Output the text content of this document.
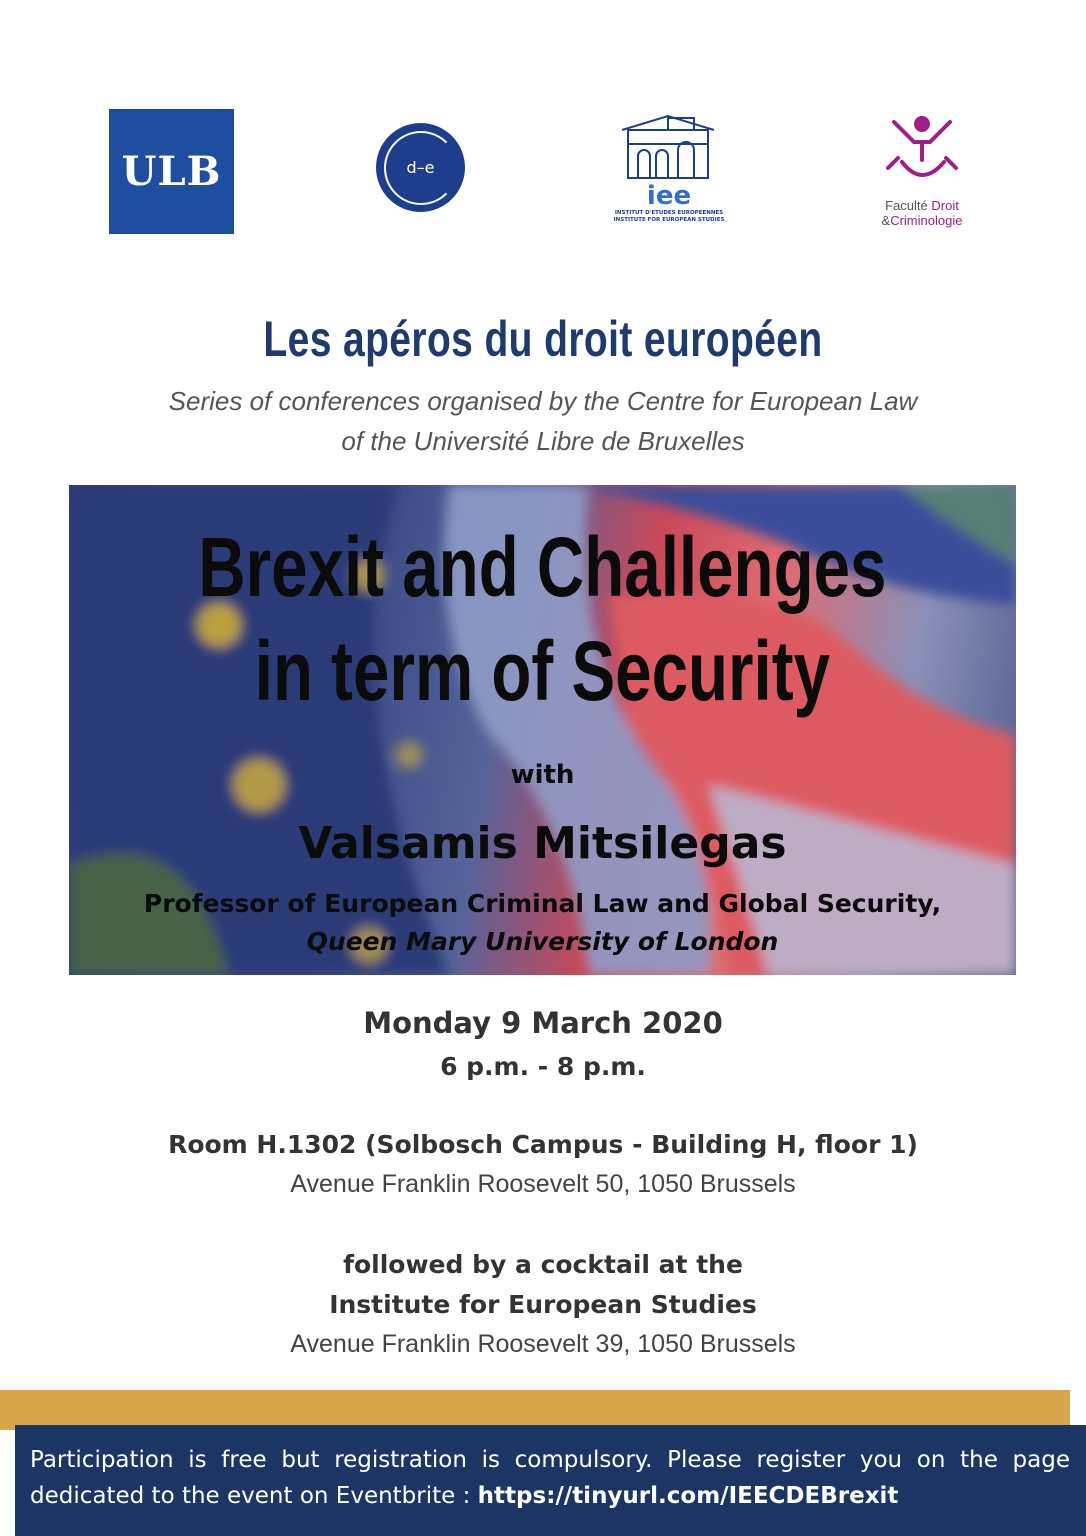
ULB	d–e
iee
INSTITUT D'ETUDES EUROPEENNES
INSTITUTE FOR EUROPEAN STUDIES
Faculté Droit
&Criminologie
Les apéros du droit européen
Series of conferences organised by the Centre for European Law
of the Université Libre de Bruxelles
Brexit and Challenges
in term of Security
with
Valsamis Mitsilegas
Professor of European Criminal Law and Global Security,
Queen Mary University of London
Monday 9 March 2020
6 p.m. - 8 p.m.
Room H.1302 (Solbosch Campus - Building H, floor 1)
Avenue Franklin Roosevelt 50, 1050 Brussels
followed by a cocktail at the
Institute for European Studies
Avenue Franklin Roosevelt 39, 1050 Brussels
Participation is free but registration is compulsory. Please register you on the page dedicated to the event on Eventbrite : https://tinyurl.com/IEECDEBrexit
